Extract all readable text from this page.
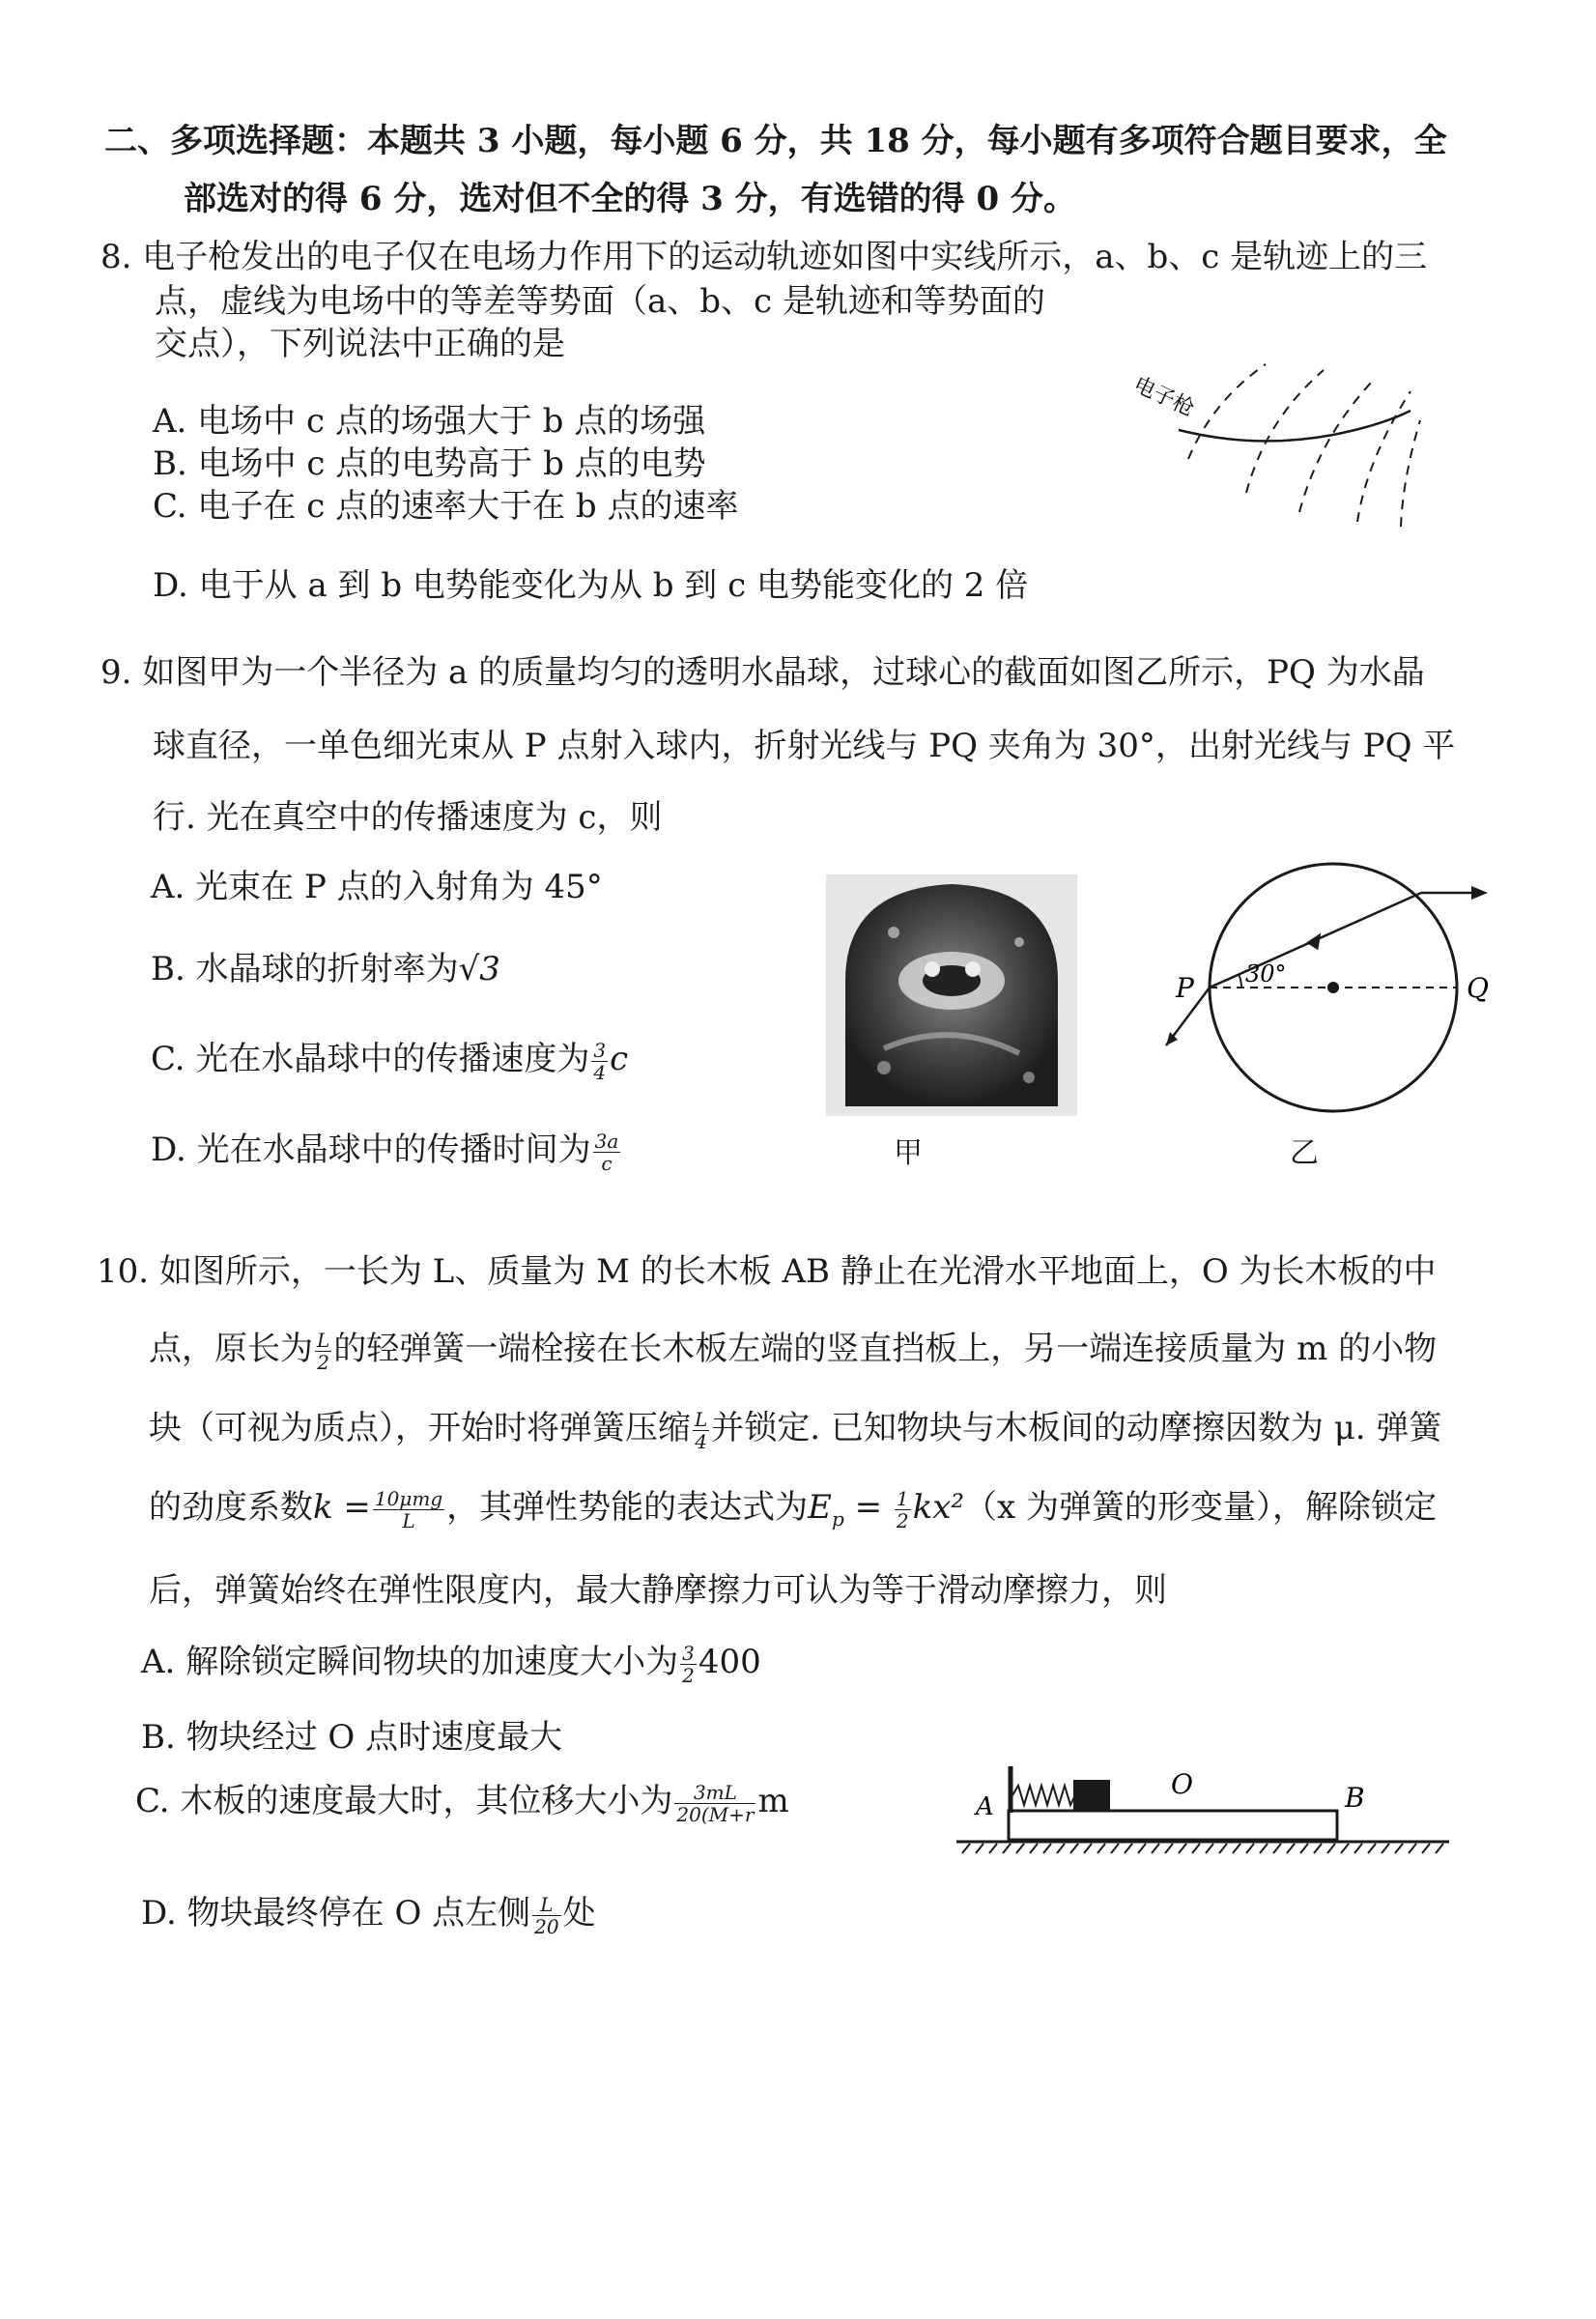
二、多项选择题：本题共 3 小题，每小题 6 分，共 18 分，每小题有多项符合题目要求，全
部选对的得 6 分，选对但不全的得 3 分，有选错的得 0 分。
8. 电子枪发出的电子仅在电场力作用下的运动轨迹如图中实线所示，a、b、c 是轨迹上的三
点，虚线为电场中的等差等势面（a、b、c 是轨迹和等势面的
交点），下列说法中正确的是
A. 电场中 c 点的场强大于 b 点的场强
B. 电场中 c 点的电势高于 b 点的电势
C. 电子在 c 点的速率大于在 b 点的速率
D. 电于从 a 到 b 电势能变化为从 b 到 c 电势能变化的 2 倍
电子枪
9. 如图甲为一个半径为 a 的质量均匀的透明水晶球，过球心的截面如图乙所示，PQ 为水晶
球直径，一单色细光束从 P 点射入球内，折射光线与 PQ 夹角为 30°，出射光线与 PQ 平
行. 光在真空中的传播速度为 c，则
A. 光束在 P 点的入射角为 45°
B. 水晶球的折射率为√3
C. 光在水晶球中的传播速度为 $\frac{3}{4}$ c
D. 光在水晶球中的传播时间为 $\frac{3a}{c}$	甲
30°
P	Q
乙
10. 如图所示，一长为 L、质量为 M 的长木板 AB 静止在光滑水平地面上，O 为长木板的中
点，原长为 $\frac{L}{2}$ 的轻弹簧一端栓接在长木板左端的竖直挡板上，另一端连接质量为 m 的小物
块（可视为质点），开始时将弹簧压缩 $\frac{L}{4}$ 并锁定. 已知物块与木板间的动摩擦因数为 μ. 弹簧
的劲度系数$k = \frac{\text{10μmg}}{L}$ ，其弹性势能的表达式为$E_p = \frac{1}{2} kx^2(x$ 为弹簧的形变量），解除锁定
后，弹簧始终在弹性限度内，最大静摩擦力可认为等于滑动摩擦力，则
A. 解除锁定瞬间物块的加速度大小为 $\frac{3}{2} 400$
B. 物块经过 O 点时速度最大
C. 木板的速度最大时，其位移大小为 $\frac{3mL}{20(M+r}$ m
D. 物块最终停在 O 点左侧 $\frac{L}{20}$ 处
A
O	B
